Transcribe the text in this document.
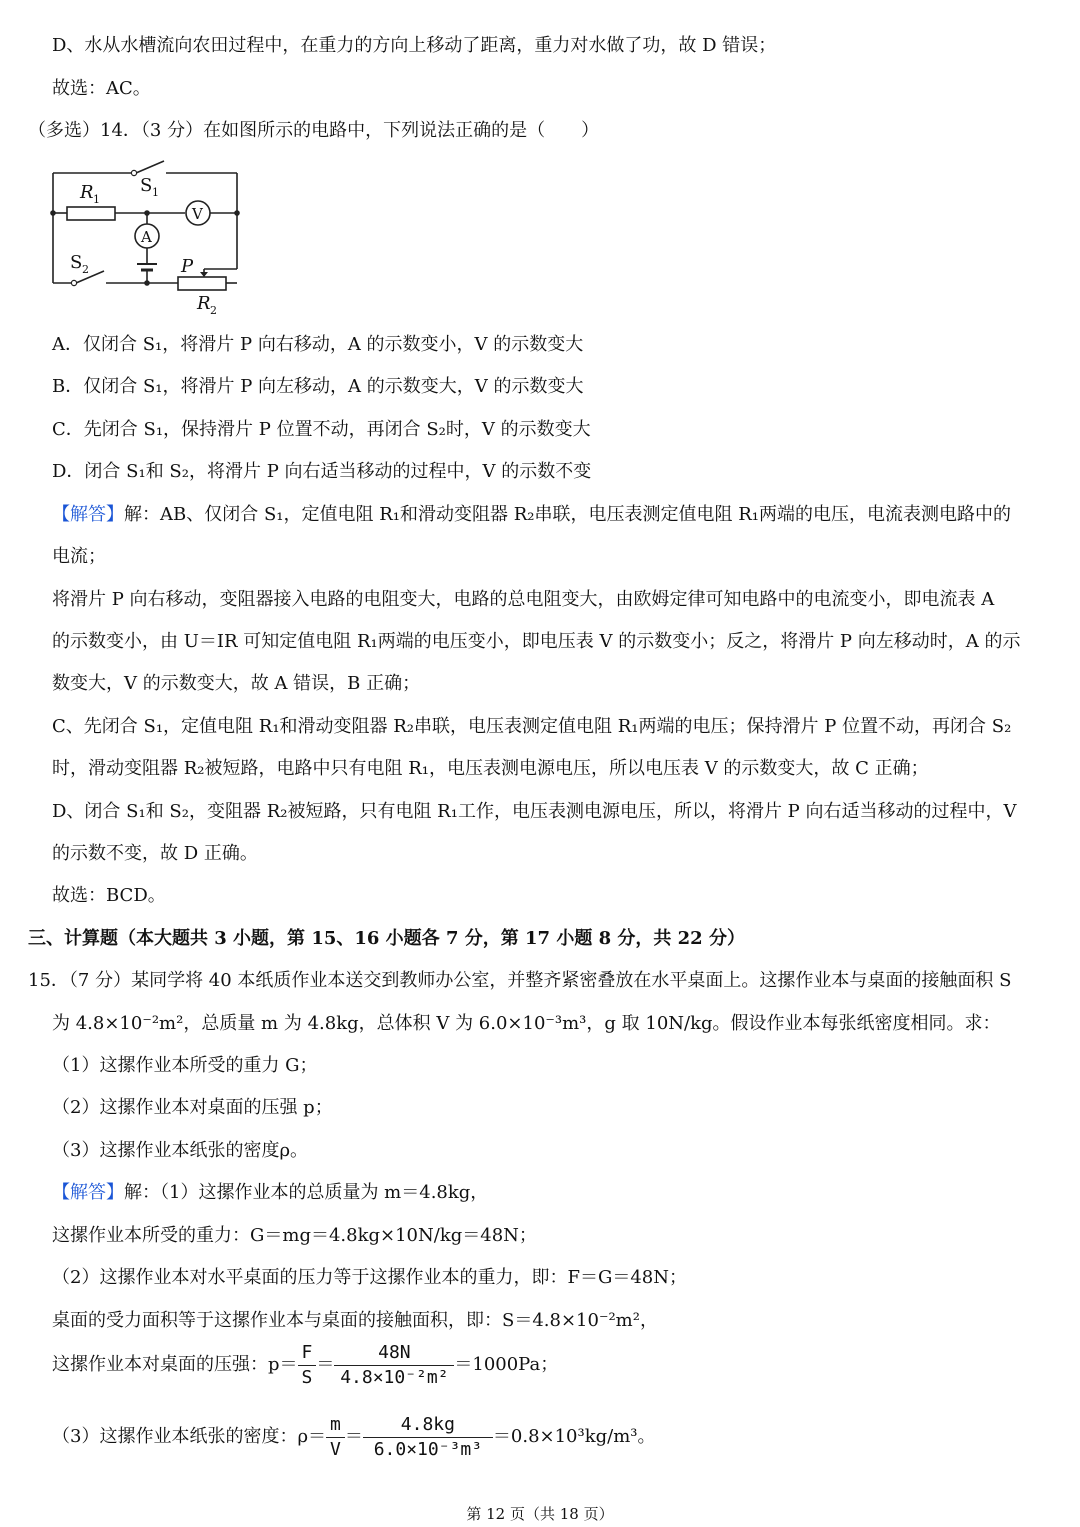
D、水从水槽流向农田过程中，在重力的方向上移动了距离，重力对水做了功，故 D 错误；
故选：AC。
（多选）14．（3 分）在如图所示的电路中，下列说法正确的是（　　）
R 1
S 1
V
A
S 2	P
R 2
A．仅闭合 S₁，将滑片 P 向右移动，A 的示数变小，V 的示数变大
B．仅闭合 S₁，将滑片 P 向左移动，A 的示数变大，V 的示数变大
C．先闭合 S₁，保持滑片 P 位置不动，再闭合 S₂时，V 的示数变大
D．闭合 S₁和 S₂，将滑片 P 向右适当移动的过程中，V 的示数不变
【解答】解：AB、仅闭合 S₁，定值电阻 R₁和滑动变阻器 R₂串联，电压表测定值电阻 R₁两端的电压，电流表测电路中的
电流；
将滑片 P 向右移动，变阻器接入电路的电阻变大，电路的总电阻变大，由欧姆定律可知电路中的电流变小，即电流表 A
的示数变小，由 U＝IR 可知定值电阻 R₁两端的电压变小，即电压表 V 的示数变小；反之，将滑片 P 向左移动时，A 的示
数变大，V 的示数变大，故 A 错误，B 正确；
C、先闭合 S₁，定值电阻 R₁和滑动变阻器 R₂串联，电压表测定值电阻 R₁两端的电压；保持滑片 P 位置不动，再闭合 S₂
时，滑动变阻器 R₂被短路，电路中只有电阻 R₁，电压表测电源电压，所以电压表 V 的示数变大，故 C 正确；
D、闭合 S₁和 S₂，变阻器 R₂被短路，只有电阻 R₁工作，电压表测电源电压，所以，将滑片 P 向右适当移动的过程中，V
的示数不变，故 D 正确。
故选：BCD。
三、计算题（本大题共 3 小题，第 15、16 小题各 7 分，第 17 小题 8 分，共 22 分）
15．（7 分）某同学将 40 本纸质作业本送交到教师办公室，并整齐紧密叠放在水平桌面上。这摞作业本与桌面的接触面积 S
为 4.8×10⁻²m²，总质量 m 为 4.8kg，总体积 V 为 6.0×10⁻³m³，g 取 10N/kg。假设作业本每张纸密度相同。求：
（1）这摞作业本所受的重力 G；
（2）这摞作业本对桌面的压强 p；
（3）这摞作业本纸张的密度ρ。
【解答】解：（1）这摞作业本的总质量为 m＝4.8kg，
这摞作业本所受的重力：G＝mg＝4.8kg×10N/kg＝48N；
（2）这摞作业本对水平桌面的压力等于这摞作业本的重力，即：F＝G＝48N；
桌面的受力面积等于这摞作业本与桌面的接触面积，即：S＝4.8×10⁻²m²，
这摞作业本对桌面的压强：$p= \frac{F}{S} = \frac{48N}{\text{4.8×10⁻²m²}} =1000Pa$；
（3）这摞作业本纸张的密度：$\rho= \frac{m}{V} = \frac{4.8kg}{\text{6.0×10⁻³m³}} =0.8\times 10^3kg/m^3$。
第 12 页（共 18 页）
